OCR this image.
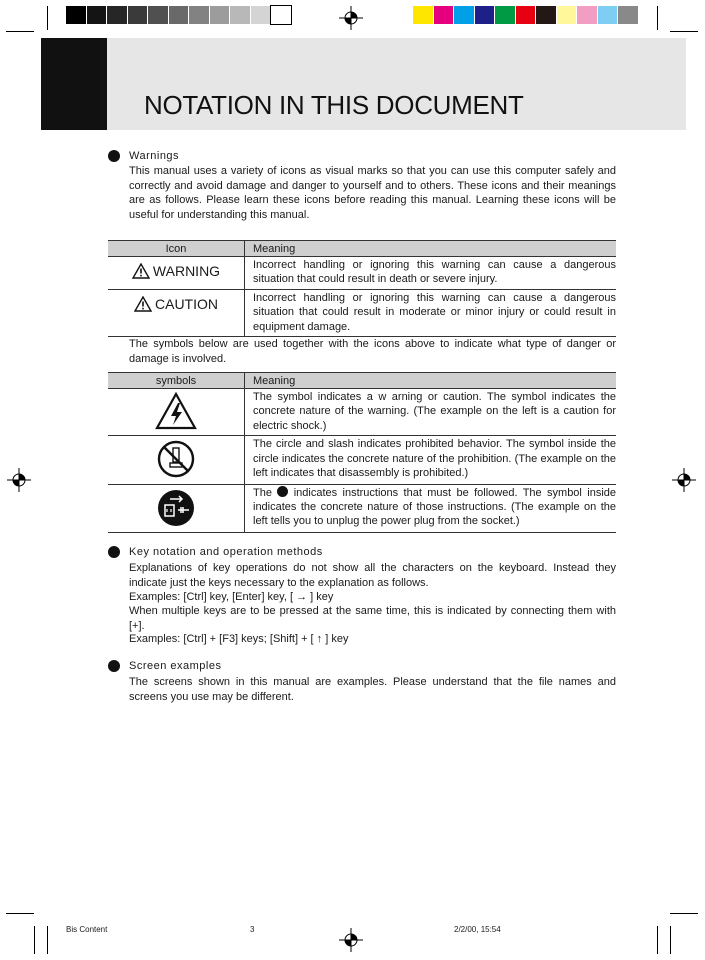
NOTATION IN THIS DOCUMENT
Warnings
This manual uses a variety of icons as visual marks so that you can use this computer safely and correctly and avoid damage and danger to yourself and to others. These icons and their meanings are as follows. Please learn these icons before reading this manual. Learning these icons will be useful for understanding this manual.
Icon	Meaning

WARNING	Incorrect handling or ignoring this warning can cause a dangerous situation that could result in death or severe injury.

CAUTION	Incorrect handling or ignoring this warning can cause a dangerous situation that could result in moderate or minor injury or could result in equipment damage.
The symbols below are used together with the icons above to indicate what type of danger or damage is involved.
symbols	Meaning
	The symbol indicates a w arning or caution. The symbol indicates the concrete nature of the warning. (The example on the left is a caution for electric shock.)
	The circle and slash indicates prohibited behavior. The symbol inside the circle indicates the concrete nature of the prohibition. (The example on the left indicates that disassembly is prohibited.)
	The  indicates instructions that must be followed. The symbol inside indicates the concrete nature of those instructions. (The example on the left tells you to unplug the power plug from the socket.)
Key notation and operation methods
Explanations of key operations do not show all the characters on the keyboard. Instead they indicate just the keys necessary to the explanation as follows.
Examples: [Ctrl] key, [Enter] key, [ → ] key
When multiple keys are to be pressed at the same time, this is indicated by connecting them with [+].
Examples: [Ctrl] + [F3] keys; [Shift] + [ ↑ ] key
Screen examples
The screens shown in this manual are examples. Please understand that the file names and screens you use may be different.
Bis Content	3	2/2/00, 15:54
